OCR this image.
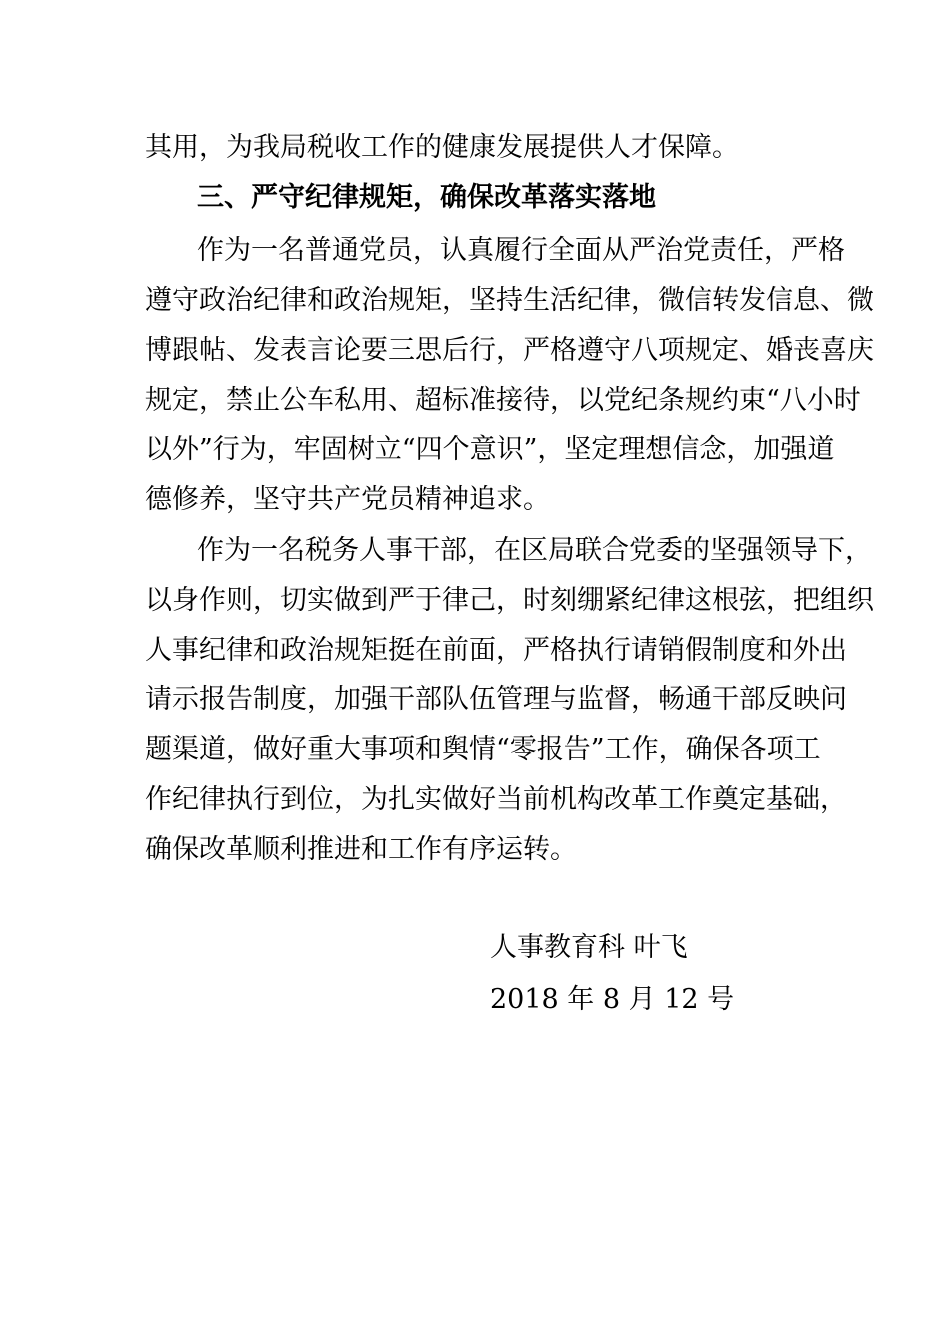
其用，为我局税收工作的健康发展提供人才保障。
三、严守纪律规矩，确保改革落实落地
作为一名普通党员，认真履行全面从严治党责任，严格
遵守政治纪律和政治规矩，坚持生活纪律，微信转发信息、微
博跟帖、发表言论要三思后行，严格遵守八项规定、婚丧喜庆
规定，禁止公车私用、超标准接待，以党纪条规约束“八小时
以外”行为，牢固树立“四个意识”，坚定理想信念，加强道
德修养，坚守共产党员精神追求。
作为一名税务人事干部，在区局联合党委的坚强领导下，
以身作则，切实做到严于律己，时刻绷紧纪律这根弦，把组织
人事纪律和政治规矩挺在前面，严格执行请销假制度和外出
请示报告制度，加强干部队伍管理与监督，畅通干部反映问
题渠道，做好重大事项和舆情“零报告”工作，确保各项工
作纪律执行到位，为扎实做好当前机构改革工作奠定基础，
确保改革顺利推进和工作有序运转。
人事教育科 叶飞
2018 年 8 月 12 号
